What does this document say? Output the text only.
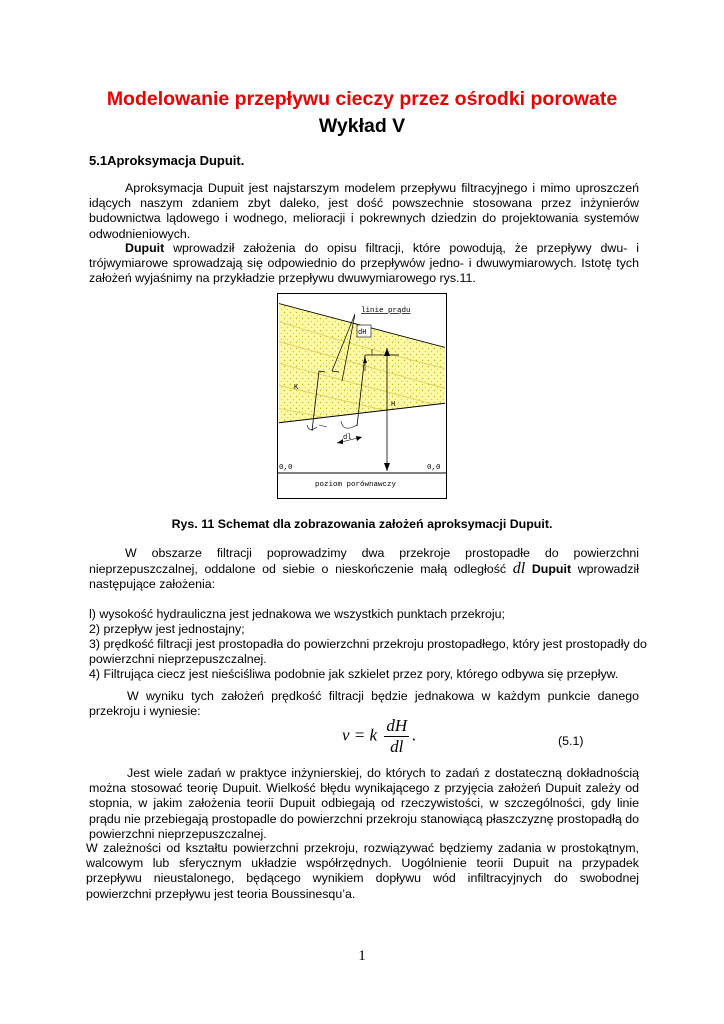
Modelowanie przepływu cieczy przez ośrodki porowate
Wykład V
5.1Aproksymacja Dupuit.
Aproksymacja Dupuit jest najstarszym modelem przepływu filtracyjnego i mimo uproszczeń idących naszym zdaniem zbyt daleko, jest dość powszechnie stosowana przez inżynierów budownictwa lądowego i wodnego, melioracji i pokrewnych dziedzin do projektowania systemów odwodnieniowych.
Dupuit wprowadził założenia do opisu filtracji, które powodują, że przepływy dwu- i trójwymiarowe sprowadzają się odpowiednio do przepływów jedno- i dwuwymiarowych. Istotę tych założeń wyjaśnimy na przykładzie przepływu dwuwymiarowego rys.11.
linie prądu
dH
K
H
dl
0,0	0,0
poziom porównawczy
Rys. 11 Schemat dla zobrazowania założeń aproksymacji Dupuit.
W obszarze filtracji poprowadzimy dwa przekroje prostopadłe do powierzchni nieprzepuszczalnej, oddalone od siebie o nieskończenie małą odległość dl Dupuit wprowadził następujące założenia:
l) wysokość hydrauliczna jest jednakowa we wszystkich punktach przekroju;
2) przepływ jest jednostajny;
3) prędkość filtracji jest prostopadła do powierzchni przekroju prostopadłego, który jest prostopadły do powierzchni nieprzepuszczalnej.
4) Filtrująca ciecz jest nieściśliwa podobnie jak szkielet przez pory, którego odbywa się przepływ.
W wyniku tych założeń prędkość filtracji będzie jednakowa w każdym punkcie danego przekroju i wyniesie:
v = k $\frac{dH}{dl}$ .	(5.1)
Jest wiele zadań w praktyce inżynierskiej, do których to zadań z dostateczną dokładnością można stosować teorię Dupuit. Wielkość błędu wynikającego z przyjęcia założeń Dupuit zależy od stopnia, w jakim założenia teorii Dupuit odbiegają od rzeczywistości, w szczególności, gdy linie prądu nie przebiegają prostopadle do powierzchni przekroju stanowiącą płaszczyznę prostopadłą do powierzchni nieprzepuszczalnej.
W zależności od kształtu powierzchni przekroju, rozwiązywać będziemy zadania w prostokątnym, walcowym lub sferycznym układzie współrzędnych. Uogólnienie teorii Dupuit na przypadek przepływu nieustalonego, będącego wynikiem dopływu wód infiltracyjnych do swobodnej powierzchni przepływu jest teoria Boussinesqu’a.
1
